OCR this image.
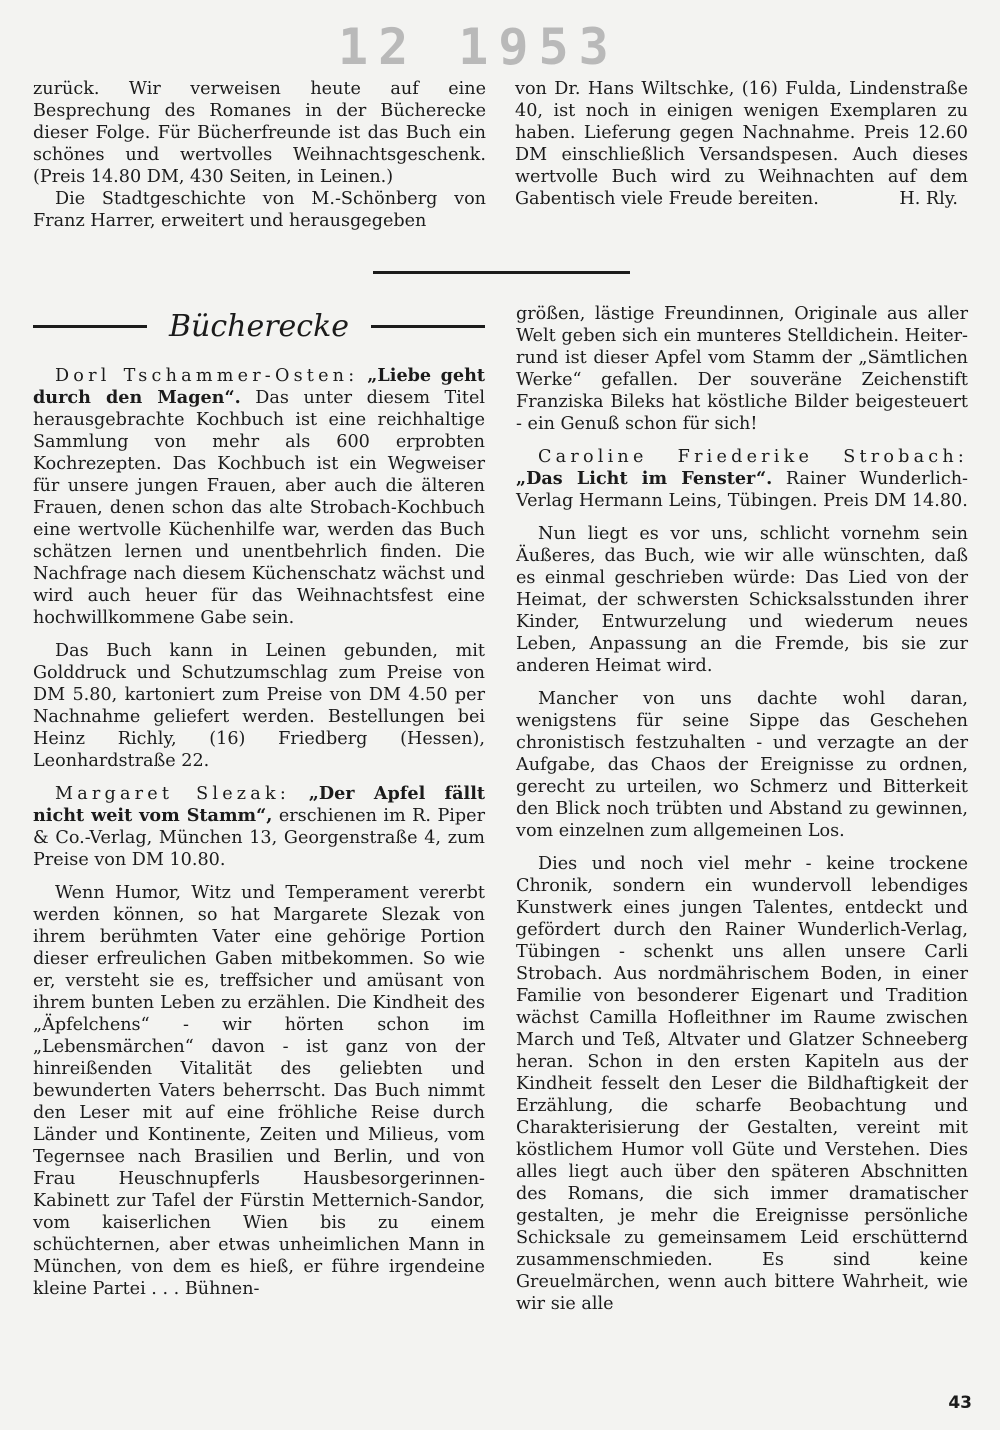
12 1953

zurück. Wir verweisen heute auf eine Besprechung des Romanes in der Bücherecke dieser Folge. Für Bücherfreunde ist das Buch ein schönes und wertvolles Weihnachtsgeschenk. (Preis 14.80 DM, 430 Seiten, in Leinen.)

Die Stadtgeschichte von M.-Schönberg von Franz Harrer, erweitert und herausgegeben

von Dr. Hans Wiltschke, (16) Fulda, Lindenstraße 40, ist noch in einigen wenigen Exemplaren zu haben. Lieferung gegen Nachnahme. Preis 12.60 DM einschließlich Versandspesen. Auch dieses wertvolle Buch wird zu Weihnachten auf dem Gabentisch viele Freude bereiten.	H. Rly.

Bücherecke

Dorl Tschammer-Osten: „Liebe geht durch den Magen“. Das unter diesem Titel herausgebrachte Kochbuch ist eine reichhaltige Sammlung von mehr als 600 erprobten Kochrezepten. Das Kochbuch ist ein Wegweiser für unsere jungen Frauen, aber auch die älteren Frauen, denen schon das alte Strobach-Kochbuch eine wertvolle Küchenhilfe war, werden das Buch schätzen lernen und unentbehrlich finden. Die Nachfrage nach diesem Küchenschatz wächst und wird auch heuer für das Weihnachtsfest eine hochwillkommene Gabe sein.

Das Buch kann in Leinen gebunden, mit Golddruck und Schutzumschlag zum Preise von DM 5.80, kartoniert zum Preise von DM 4.50 per Nachnahme geliefert werden. Bestellungen bei Heinz Richly, (16) Friedberg (Hessen), Leonhardstraße 22.

Margaret Slezak: „Der Apfel fällt nicht weit vom Stamm“, erschienen im R. Piper & Co.-Verlag, München 13, Georgenstraße 4, zum Preise von DM 10.80.

Wenn Humor, Witz und Temperament vererbt werden können, so hat Margarete Slezak von ihrem berühmten Vater eine gehörige Portion dieser erfreulichen Gaben mitbekommen. So wie er, versteht sie es, treffsicher und amüsant von ihrem bunten Leben zu erzählen. Die Kindheit des „Äpfelchens“ - wir hörten schon im „Lebensmärchen“ davon - ist ganz von der hinreißenden Vitalität des geliebten und bewunderten Vaters beherrscht. Das Buch nimmt den Leser mit auf eine fröhliche Reise durch Länder und Kontinente, Zeiten und Milieus, vom Tegernsee nach Brasilien und Berlin, und von Frau Heuschnupferls Hausbesorgerinnen-Kabinett zur Tafel der Fürstin Metternich-Sandor, vom kaiserlichen Wien bis zu einem schüchternen, aber etwas unheimlichen Mann in München, von dem es hieß, er führe irgendeine kleine Partei . . . Bühnen-

größen, lästige Freundinnen, Originale aus aller Welt geben sich ein munteres Stelldichein. Heiter-rund ist dieser Apfel vom Stamm der „Sämtlichen Werke“ gefallen. Der souveräne Zeichenstift Franziska Bileks hat köstliche Bilder beigesteuert - ein Genuß schon für sich!

Caroline Friederike Strobach: „Das Licht im Fenster“. Rainer Wunderlich-Verlag Hermann Leins, Tübingen. Preis DM 14.80.

Nun liegt es vor uns, schlicht vornehm sein Äußeres, das Buch, wie wir alle wünschten, daß es einmal geschrieben würde: Das Lied von der Heimat, der schwersten Schicksalsstunden ihrer Kinder, Entwurzelung und wiederum neues Leben, Anpassung an die Fremde, bis sie zur anderen Heimat wird.

Mancher von uns dachte wohl daran, wenigstens für seine Sippe das Geschehen chronistisch festzuhalten - und verzagte an der Aufgabe, das Chaos der Ereignisse zu ordnen, gerecht zu urteilen, wo Schmerz und Bitterkeit den Blick noch trübten und Abstand zu gewinnen, vom einzelnen zum allgemeinen Los.

Dies und noch viel mehr - keine trockene Chronik, sondern ein wundervoll lebendiges Kunstwerk eines jungen Talentes, entdeckt und gefördert durch den Rainer Wunderlich-Verlag, Tübingen - schenkt uns allen unsere Carli Strobach. Aus nordmährischem Boden, in einer Familie von besonderer Eigenart und Tradition wächst Camilla Hofleithner im Raume zwischen March und Teß, Altvater und Glatzer Schneeberg heran. Schon in den ersten Kapiteln aus der Kindheit fesselt den Leser die Bildhaftigkeit der Erzählung, die scharfe Beobachtung und Charakterisierung der Gestalten, vereint mit köstlichem Humor voll Güte und Verstehen. Dies alles liegt auch über den späteren Abschnitten des Romans, die sich immer dramatischer gestalten, je mehr die Ereignisse persönliche Schicksale zu gemeinsamem Leid erschütternd zusammenschmieden. Es sind keine Greuelmärchen, wenn auch bittere Wahrheit, wie wir sie alle

43
